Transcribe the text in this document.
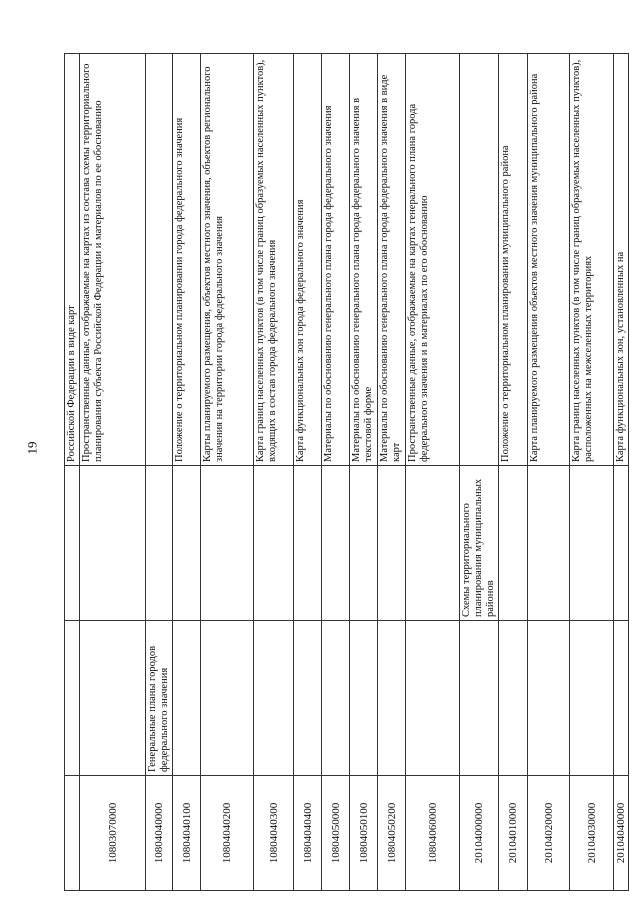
19
				Российской Федерации в виде карт
10803070000			Пространственные данные, отображаемые на картах из состава схемы территориального планирования субъекта Российской Федерации и материалов по ее обоснованию
10804040000	Генеральные планы городов федерального значения		
10804040100			Положение о территориальном планировании города федерального значения
10804040200			Карты планируемого размещения, объектов местного значения, объектов регионального значения на территории города федерального значения
10804040300			Карта границ населенных пунктов (в том числе границ образуемых населенных пунктов), входящих в состав города федерального значения
10804040400			Карта функциональных зон города федерального значения
10804050000			Материалы по обоснованию генерального плана города федерального значения
10804050100			Материалы по обоснованию генерального плана города федерального значения в текстовой форме
10804050200			Материалы по обоснованию генерального плана города федерального значения в виде карт
10804060000			Пространственные данные, отображаемые на картах генерального плана города федерального значения и в материалах по его обоснованию
20104000000		Схемы территориального планирования муниципальных районов	
20104010000			Положение о территориальном планировании муниципального района
20104020000			Карта планируемого размещения объектов местного значения муниципального района
20104030000			Карта границ населенных пунктов (в том числе границ образуемых населенных пунктов), расположенных на межселенных территориях
20104040000			Карта функциональных зон, установленных на
